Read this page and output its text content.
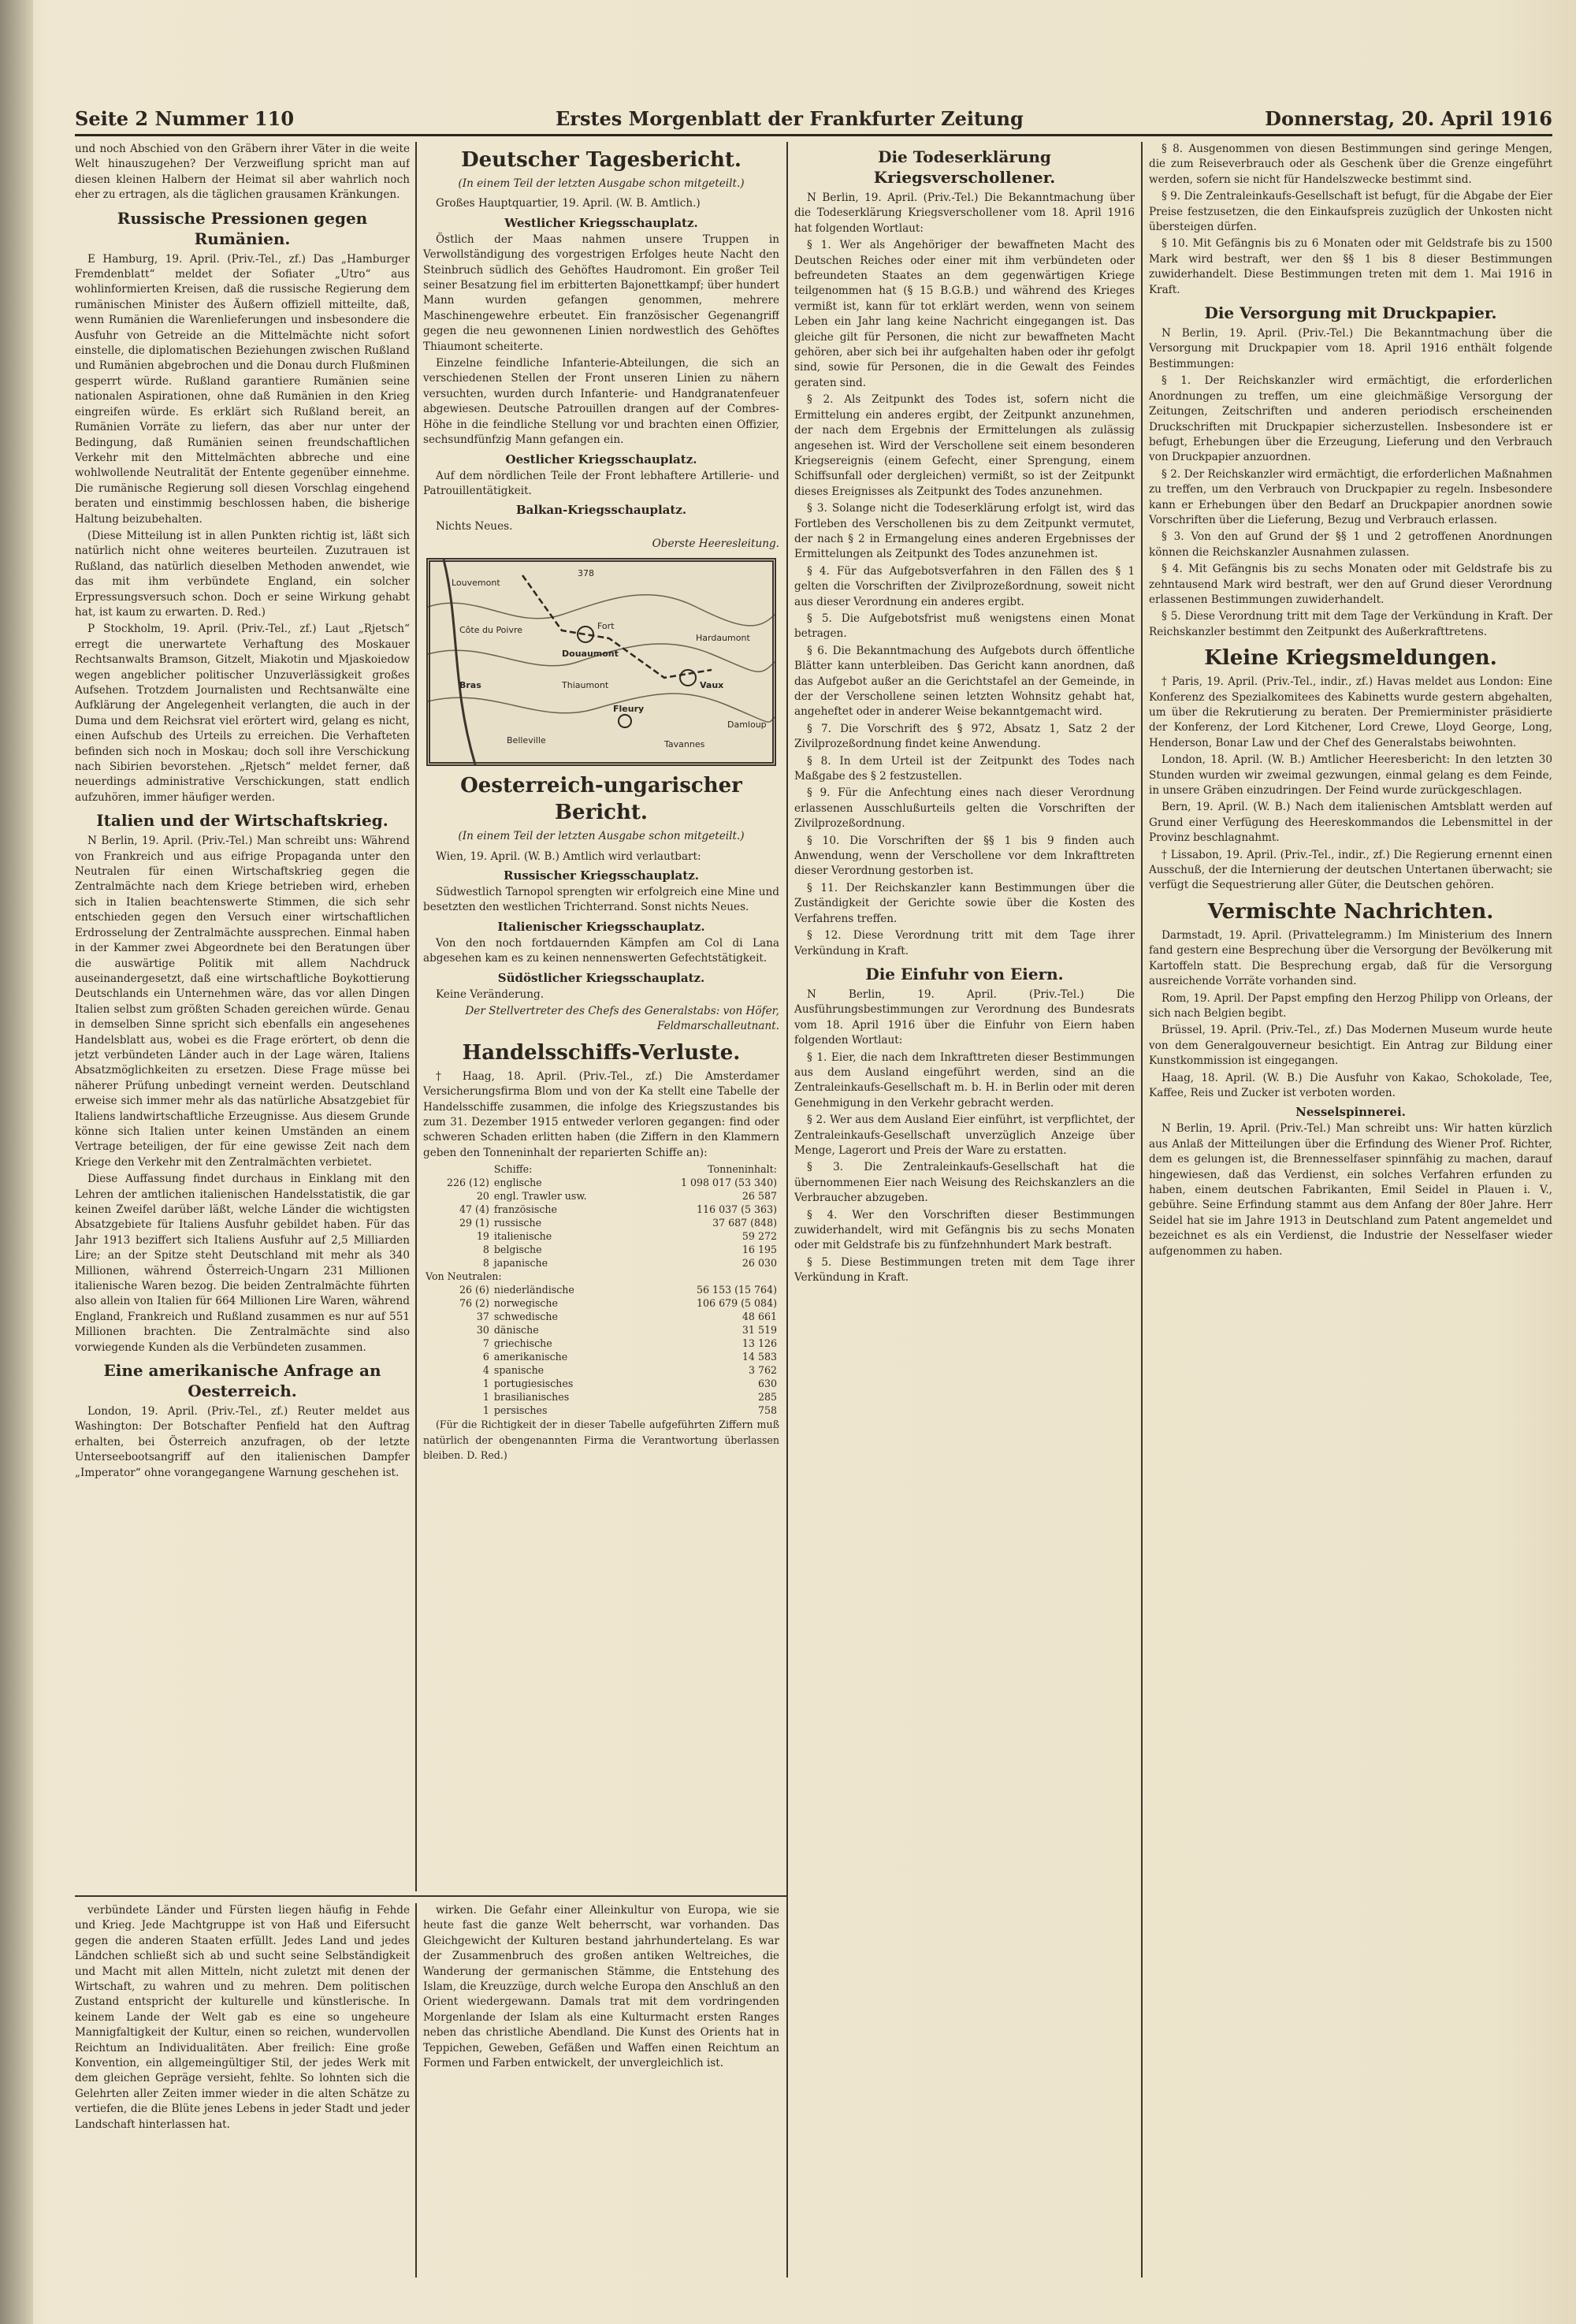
Seite 2 Nummer 110	Erstes Morgenblatt der Frankfurter Zeitung	Donnerstag, 20. April 1916

und noch Abschied von den Gräbern ihrer Väter in die weite Welt hinauszugehen? Der Verzweiflung spricht man auf diesen kleinen Halbern der Heimat sil aber wahrlich noch eher zu ertragen, als die täglichen grausamen Kränkungen.

Russische Pressionen gegen Rumänien.

E Hamburg, 19. April. (Priv.-Tel., zf.) Das „Hamburger Fremdenblatt“ meldet der Sofiater „Utro“ aus wohlinformierten Kreisen, daß die russische Regierung dem rumänischen Minister des Äußern offiziell mitteilte, daß, wenn Rumänien die Warenlieferungen und insbesondere die Ausfuhr von Getreide an die Mittelmächte nicht sofort einstelle, die diplomatischen Beziehungen zwischen Rußland und Rumänien abgebrochen und die Donau durch Flußminen gesperrt würde. Rußland garantiere Rumänien seine nationalen Aspirationen, ohne daß Rumänien in den Krieg eingreifen würde. Es erklärt sich Rußland bereit, an Rumänien Vorräte zu liefern, das aber nur unter der Bedingung, daß Rumänien seinen freundschaftlichen Verkehr mit den Mittelmächten abbreche und eine wohlwollende Neutralität der Entente gegenüber einnehme. Die rumänische Regierung soll diesen Vorschlag eingehend beraten und einstimmig beschlossen haben, die bisherige Haltung beizubehalten.

(Diese Mitteilung ist in allen Punkten richtig ist, läßt sich natürlich nicht ohne weiteres beurteilen. Zuzutrauen ist Rußland, das natürlich dieselben Methoden anwendet, wie das mit ihm verbündete England, ein solcher Erpressungsversuch schon. Doch er seine Wirkung gehabt hat, ist kaum zu erwarten. D. Red.)

P Stockholm, 19. April. (Priv.-Tel., zf.) Laut „Rjetsch“ erregt die unerwartete Verhaftung des Moskauer Rechtsanwalts Bramson, Gitzelt, Miakotin und Mjaskoiedow wegen angeblicher politischer Unzuverlässigkeit großes Aufsehen. Trotzdem Journalisten und Rechtsanwälte eine Aufklärung der Angelegenheit verlangten, die auch in der Duma und dem Reichsrat viel erörtert wird, gelang es nicht, einen Aufschub des Urteils zu erreichen. Die Verhafteten befinden sich noch in Moskau; doch soll ihre Verschickung nach Sibirien bevorstehen. „Rjetsch“ meldet ferner, daß neuerdings administrative Verschickungen, statt endlich aufzuhören, immer häufiger werden.

Italien und der Wirtschaftskrieg.

N Berlin, 19. April. (Priv.-Tel.) Man schreibt uns: Während von Frankreich und aus eifrige Propaganda unter den Neutralen für einen Wirtschaftskrieg gegen die Zentralmächte nach dem Kriege betrieben wird, erheben sich in Italien beachtenswerte Stimmen, die sich sehr entschieden gegen den Versuch einer wirtschaftlichen Erdrosselung der Zentralmächte aussprechen. Einmal haben in der Kammer zwei Abgeordnete bei den Beratungen über die auswärtige Politik mit allem Nachdruck auseinandergesetzt, daß eine wirtschaftliche Boykottierung Deutschlands ein Unternehmen wäre, das vor allen Dingen Italien selbst zum größten Schaden gereichen würde. Genau in demselben Sinne spricht sich ebenfalls ein angesehenes Handelsblatt aus, wobei es die Frage erörtert, ob denn die jetzt verbündeten Länder auch in der Lage wären, Italiens Absatzmöglichkeiten zu ersetzen. Diese Frage müsse bei näherer Prüfung unbedingt verneint werden. Deutschland erweise sich immer mehr als das natürliche Absatzgebiet für Italiens landwirtschaftliche Erzeugnisse. Aus diesem Grunde könne sich Italien unter keinen Umständen an einem Vertrage beteiligen, der für eine gewisse Zeit nach dem Kriege den Verkehr mit den Zentralmächten verbietet.

Diese Auffassung findet durchaus in Einklang mit den Lehren der amtlichen italienischen Handelsstatistik, die gar keinen Zweifel darüber läßt, welche Länder die wichtigsten Absatzgebiete für Italiens Ausfuhr gebildet haben. Für das Jahr 1913 beziffert sich Italiens Ausfuhr auf 2,5 Milliarden Lire; an der Spitze steht Deutschland mit mehr als 340 Millionen, während Österreich-Ungarn 231 Millionen italienische Waren bezog. Die beiden Zentralmächte führten also allein von Italien für 664 Millionen Lire Waren, während England, Frankreich und Rußland zusammen es nur auf 551 Millionen brachten. Die Zentralmächte sind also vorwiegende Kunden als die Verbündeten zusammen.

Eine amerikanische Anfrage an Oesterreich.

London, 19. April. (Priv.-Tel., zf.) Reuter meldet aus Washington: Der Botschafter Penfield hat den Auftrag erhalten, bei Österreich anzufragen, ob der letzte Unterseebootsangriff auf den italienischen Dampfer „Imperator“ ohne vorangegangene Warnung geschehen ist.

Deutscher Tagesbericht.
(In einem Teil der letzten Ausgabe schon mitgeteilt.)

Großes Hauptquartier, 19. April. (W. B. Amtlich.)

Westlicher Kriegsschauplatz.

Östlich der Maas nahmen unsere Truppen in Verwollständigung des vorgestrigen Erfolges heute Nacht den Steinbruch südlich des Gehöftes Haudromont. Ein großer Teil seiner Besatzung fiel im erbitterten Bajonettkampf; über hundert Mann wurden gefangen genommen, mehrere Maschinengewehre erbeutet. Ein französischer Gegenangriff gegen die neu gewonnenen Linien nordwestlich des Gehöftes Thiaumont scheiterte.

Einzelne feindliche Infanterie-Abteilungen, die sich an verschiedenen Stellen der Front unseren Linien zu nähern versuchten, wurden durch Infanterie- und Handgranatenfeuer abgewiesen. Deutsche Patrouillen drangen auf der Combres-Höhe in die feindliche Stellung vor und brachten einen Offizier, sechsundfünfzig Mann gefangen ein.

Oestlicher Kriegsschauplatz.

Auf dem nördlichen Teile der Front lebhaftere Artillerie- und Patrouillentätigkeit.

Balkan-Kriegsschauplatz.

Nichts Neues.

Oberste Heeresleitung.
378
Louvemont
Douaumont
Côte du Poivre
Thiaumont
Fort
Bras	Vaux
Fleury
Hardaumont
Tavannes
Damloup
Belleville
Oesterreich-ungarischer Bericht.
(In einem Teil der letzten Ausgabe schon mitgeteilt.)

Wien, 19. April. (W. B.) Amtlich wird verlautbart:

Russischer Kriegsschauplatz.

Südwestlich Tarnopol sprengten wir erfolgreich eine Mine und besetzten den westlichen Trichterrand. Sonst nichts Neues.

Italienischer Kriegsschauplatz.

Von den noch fortdauernden Kämpfen am Col di Lana abgesehen kam es zu keinen nennenswerten Gefechtstätigkeit.

Südöstlicher Kriegsschauplatz.

Keine Veränderung.

Der Stellvertreter des Chefs des Generalstabs: von Höfer, Feldmarschalleutnant.

Handelsschiffs-Verluste.

† Haag, 18. April. (Priv.-Tel., zf.) Die Amsterdamer Versicherungsfirma Blom und von der Ka stellt eine Tabelle der Handelsschiffe zusammen, die infolge des Kriegszustandes bis zum 31. Dezember 1915 entweder verloren gegangen: find oder schweren Schaden erlitten haben (die Ziffern in den Klammern geben den Tonneninhalt der reparierten Schiffe an):

	Schiffe:	Tonneninhalt:
226 (12)	englische	1 098 017 (53 340)
20	engl. Trawler usw.	26 587
47 (4)	französische	116 037 (5 363)
29 (1)	russische	37 687 (848)
19	italienische	59 272
8	belgische	16 195
8	japanische	26 030
Von Neutralen:		
26 (6)	niederländische	56 153 (15 764)
76 (2)	norwegische	106 679 (5 084)
37	schwedische	48 661
30	dänische	31 519
7	griechische	13 126
6	amerikanische	14 583
4	spanische	3 762
1	portugiesisches	630
1	brasilianisches	285
1	persisches	758

(Für die Richtigkeit der in dieser Tabelle aufgeführten Ziffern muß natürlich der obengenannten Firma die Verantwortung überlassen bleiben. D. Red.)

Die Todeserklärung Kriegsverschollener.

N Berlin, 19. April. (Priv.-Tel.) Die Bekanntmachung über die Todeserklärung Kriegsverschollener vom 18. April 1916 hat folgenden Wortlaut:

§ 1. Wer als Angehöriger der bewaffneten Macht des Deutschen Reiches oder einer mit ihm verbündeten oder befreundeten Staates an dem gegenwärtigen Kriege teilgenommen hat (§ 15 B.G.B.) und während des Krieges vermißt ist, kann für tot erklärt werden, wenn von seinem Leben ein Jahr lang keine Nachricht eingegangen ist. Das gleiche gilt für Personen, die nicht zur bewaffneten Macht gehören, aber sich bei ihr aufgehalten haben oder ihr gefolgt sind, sowie für Personen, die in die Gewalt des Feindes geraten sind.

§ 2. Als Zeitpunkt des Todes ist, sofern nicht die Ermittelung ein anderes ergibt, der Zeitpunkt anzunehmen, der nach dem Ergebnis der Ermittelungen als zulässig angesehen ist. Wird der Verschollene seit einem besonderen Kriegsereignis (einem Gefecht, einer Sprengung, einem Schiffsunfall oder dergleichen) vermißt, so ist der Zeitpunkt dieses Ereignisses als Zeitpunkt des Todes anzunehmen.

§ 3. Solange nicht die Todeserklärung erfolgt ist, wird das Fortleben des Verschollenen bis zu dem Zeitpunkt vermutet, der nach § 2 in Ermangelung eines anderen Ergebnisses der Ermittelungen als Zeitpunkt des Todes anzunehmen ist.

§ 4. Für das Aufgebotsverfahren in den Fällen des § 1 gelten die Vorschriften der Zivilprozeßordnung, soweit nicht aus dieser Verordnung ein anderes ergibt.

§ 5. Die Aufgebotsfrist muß wenigstens einen Monat betragen.

§ 6. Die Bekanntmachung des Aufgebots durch öffentliche Blätter kann unterbleiben. Das Gericht kann anordnen, daß das Aufgebot außer an die Gerichtstafel an der Gemeinde, in der der Verschollene seinen letzten Wohnsitz gehabt hat, angeheftet oder in anderer Weise bekanntgemacht wird.

§ 7. Die Vorschrift des § 972, Absatz 1, Satz 2 der Zivilprozeßordnung findet keine Anwendung.

§ 8. In dem Urteil ist der Zeitpunkt des Todes nach Maßgabe des § 2 festzustellen.

§ 9. Für die Anfechtung eines nach dieser Verordnung erlassenen Ausschlußurteils gelten die Vorschriften der Zivilprozeßordnung.

§ 10. Die Vorschriften der §§ 1 bis 9 finden auch Anwendung, wenn der Verschollene vor dem Inkrafttreten dieser Verordnung gestorben ist.

§ 11. Der Reichskanzler kann Bestimmungen über die Zuständigkeit der Gerichte sowie über die Kosten des Verfahrens treffen.

§ 12. Diese Verordnung tritt mit dem Tage ihrer Verkündung in Kraft.

Die Einfuhr von Eiern.

N Berlin, 19. April. (Priv.-Tel.) Die Ausführungsbestimmungen zur Verordnung des Bundesrats vom 18. April 1916 über die Einfuhr von Eiern haben folgenden Wortlaut:

§ 1. Eier, die nach dem Inkrafttreten dieser Bestimmungen aus dem Ausland eingeführt werden, sind an die Zentraleinkaufs-Gesellschaft m. b. H. in Berlin oder mit deren Genehmigung in den Verkehr gebracht werden.

§ 2. Wer aus dem Ausland Eier einführt, ist verpflichtet, der Zentraleinkaufs-Gesellschaft unverzüglich Anzeige über Menge, Lagerort und Preis der Ware zu erstatten.

§ 3. Die Zentraleinkaufs-Gesellschaft hat die übernommenen Eier nach Weisung des Reichskanzlers an die Verbraucher abzugeben.

§ 4. Wer den Vorschriften dieser Bestimmungen zuwiderhandelt, wird mit Gefängnis bis zu sechs Monaten oder mit Geldstrafe bis zu fünfzehnhundert Mark bestraft.

§ 5. Diese Bestimmungen treten mit dem Tage ihrer Verkündung in Kraft.

§ 8. Ausgenommen von diesen Bestimmungen sind geringe Mengen, die zum Reiseverbrauch oder als Geschenk über die Grenze eingeführt werden, sofern sie nicht für Handelszwecke bestimmt sind.

§ 9. Die Zentraleinkaufs-Gesellschaft ist befugt, für die Abgabe der Eier Preise festzusetzen, die den Einkaufspreis zuzüglich der Unkosten nicht übersteigen dürfen.

§ 10. Mit Gefängnis bis zu 6 Monaten oder mit Geldstrafe bis zu 1500 Mark wird bestraft, wer den §§ 1 bis 8 dieser Bestimmungen zuwiderhandelt. Diese Bestimmungen treten mit dem 1. Mai 1916 in Kraft.

Die Versorgung mit Druckpapier.

N Berlin, 19. April. (Priv.-Tel.) Die Bekanntmachung über die Versorgung mit Druckpapier vom 18. April 1916 enthält folgende Bestimmungen:

§ 1. Der Reichskanzler wird ermächtigt, die erforderlichen Anordnungen zu treffen, um eine gleichmäßige Versorgung der Zeitungen, Zeitschriften und anderen periodisch erscheinenden Druckschriften mit Druckpapier sicherzustellen. Insbesondere ist er befugt, Erhebungen über die Erzeugung, Lieferung und den Verbrauch von Druckpapier anzuordnen.

§ 2. Der Reichskanzler wird ermächtigt, die erforderlichen Maßnahmen zu treffen, um den Verbrauch von Druckpapier zu regeln. Insbesondere kann er Erhebungen über den Bedarf an Druckpapier anordnen sowie Vorschriften über die Lieferung, Bezug und Verbrauch erlassen.

§ 3. Von den auf Grund der §§ 1 und 2 getroffenen Anordnungen können die Reichskanzler Ausnahmen zulassen.

§ 4. Mit Gefängnis bis zu sechs Monaten oder mit Geldstrafe bis zu zehntausend Mark wird bestraft, wer den auf Grund dieser Verordnung erlassenen Bestimmungen zuwiderhandelt.

§ 5. Diese Verordnung tritt mit dem Tage der Verkündung in Kraft. Der Reichskanzler bestimmt den Zeitpunkt des Außerkrafttretens.

Kleine Kriegsmeldungen.

† Paris, 19. April. (Priv.-Tel., indir., zf.) Havas meldet aus London: Eine Konferenz des Spezialkomitees des Kabinetts wurde gestern abgehalten, um über die Rekrutierung zu beraten. Der Premierminister präsidierte der Konferenz, der Lord Kitchener, Lord Crewe, Lloyd George, Long, Henderson, Bonar Law und der Chef des Generalstabs beiwohnten.

London, 18. April. (W. B.) Amtlicher Heeresbericht: In den letzten 30 Stunden wurden wir zweimal gezwungen, einmal gelang es dem Feinde, in unsere Gräben einzudringen. Der Feind wurde zurückgeschlagen.

Bern, 19. April. (W. B.) Nach dem italienischen Amtsblatt werden auf Grund einer Verfügung des Heereskommandos die Lebensmittel in der Provinz beschlagnahmt.

† Lissabon, 19. April. (Priv.-Tel., indir., zf.) Die Regierung ernennt einen Ausschuß, der die Internierung der deutschen Untertanen überwacht; sie verfügt die Sequestrierung aller Güter, die Deutschen gehören.

Vermischte Nachrichten.

Darmstadt, 19. April. (Privattelegramm.) Im Ministerium des Innern fand gestern eine Besprechung über die Versorgung der Bevölkerung mit Kartoffeln statt. Die Besprechung ergab, daß für die Versorgung ausreichende Vorräte vorhanden sind.

Rom, 19. April. Der Papst empfing den Herzog Philipp von Orleans, der sich nach Belgien begibt.

Brüssel, 19. April. (Priv.-Tel., zf.) Das Modernen Museum wurde heute von dem Generalgouverneur besichtigt. Ein Antrag zur Bildung einer Kunstkommission ist eingegangen.

Haag, 18. April. (W. B.) Die Ausfuhr von Kakao, Schokolade, Tee, Kaffee, Reis und Zucker ist verboten worden.

Nesselspinnerei.

N Berlin, 19. April. (Priv.-Tel.) Man schreibt uns: Wir hatten kürzlich aus Anlaß der Mitteilungen über die Erfindung des Wiener Prof. Richter, dem es gelungen ist, die Brennesselfaser spinnfähig zu machen, darauf hingewiesen, daß das Verdienst, ein solches Verfahren erfunden zu haben, einem deutschen Fabrikanten, Emil Seidel in Plauen i. V., gebühre. Seine Erfindung stammt aus dem Anfang der 80er Jahre. Herr Seidel hat sie im Jahre 1913 in Deutschland zum Patent angemeldet und bezeichnet es als ein Verdienst, die Industrie der Nesselfaser wieder aufgenommen zu haben.

verbündete Länder und Fürsten liegen häufig in Fehde und Krieg. Jede Machtgruppe ist von Haß und Eifersucht gegen die anderen Staaten erfüllt. Jedes Land und jedes Ländchen schließt sich ab und sucht seine Selbständigkeit und Macht mit allen Mitteln, nicht zuletzt mit denen der Wirtschaft, zu wahren und zu mehren. Dem politischen Zustand entspricht der kulturelle und künstlerische. In keinem Lande der Welt gab es eine so ungeheure Mannigfaltigkeit der Kultur, einen so reichen, wundervollen Reichtum an Individualitäten. Aber freilich: Eine große Konvention, ein allgemeingültiger Stil, der jedes Werk mit dem gleichen Gepräge versieht, fehlte. So lohnten sich die Gelehrten aller Zeiten immer wieder in die alten Schätze zu vertiefen, die die Blüte jenes Lebens in jeder Stadt und jeder Landschaft hinterlassen hat.

wirken. Die Gefahr einer Alleinkultur von Europa, wie sie heute fast die ganze Welt beherrscht, war vorhanden. Das Gleichgewicht der Kulturen bestand jahrhundertelang. Es war der Zusammenbruch des großen antiken Weltreiches, die Wanderung der germanischen Stämme, die Entstehung des Islam, die Kreuzzüge, durch welche Europa den Anschluß an den Orient wiedergewann. Damals trat mit dem vordringenden Morgenlande der Islam als eine Kulturmacht ersten Ranges neben das christliche Abendland. Die Kunst des Orients hat in Teppichen, Geweben, Gefäßen und Waffen einen Reichtum an Formen und Farben entwickelt, der unvergleichlich ist.
